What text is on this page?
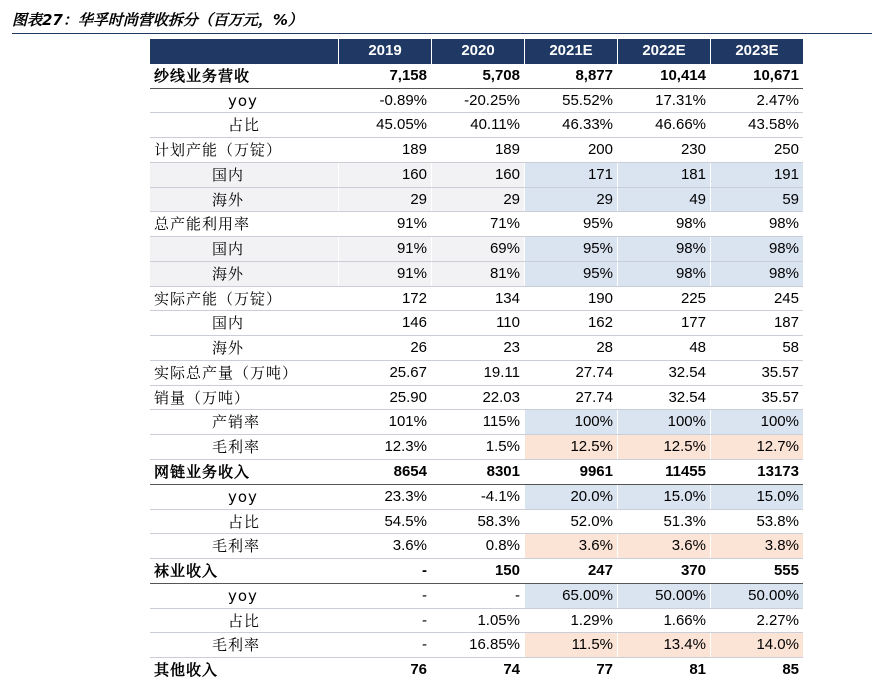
图表27：华孚时尚营收拆分（百万元，%）
2019	2020	2021E	2022E	2023E
纱线业务营收	7,158	5,708	8,877	10,414	10,671
yoy	-0.89%	-20.25%	55.52%	17.31%	2.47%
占比	45.05%	40.11%	46.33%	46.66%	43.58%
计划产能（万锭）	189	189	200	230	250
国内	160	160	171	181	191
海外	29	29	29	49	59
总产能利用率	91%	71%	95%	98%	98%
国内	91%	69%	95%	98%	98%
海外	91%	81%	95%	98%	98%
实际产能（万锭）	172	134	190	225	245
国内	146	110	162	177	187
海外	26	23	28	48	58
实际总产量（万吨）	25.67	19.11	27.74	32.54	35.57
销量（万吨）	25.90	22.03	27.74	32.54	35.57
产销率	101%	115%	100%	100%	100%
毛利率	12.3%	1.5%	12.5%	12.5%	12.7%
网链业务收入	8654	8301	9961	11455	13173
yoy	23.3%	-4.1%	20.0%	15.0%	15.0%
占比	54.5%	58.3%	52.0%	51.3%	53.8%
毛利率	3.6%	0.8%	3.6%	3.6%	3.8%
袜业收入	-	150	247	370	555
yoy	-	-	65.00%	50.00%	50.00%
占比	-	1.05%	1.29%	1.66%	2.27%
毛利率	-	16.85%	11.5%	13.4%	14.0%
其他收入	76	74	77	81	85
